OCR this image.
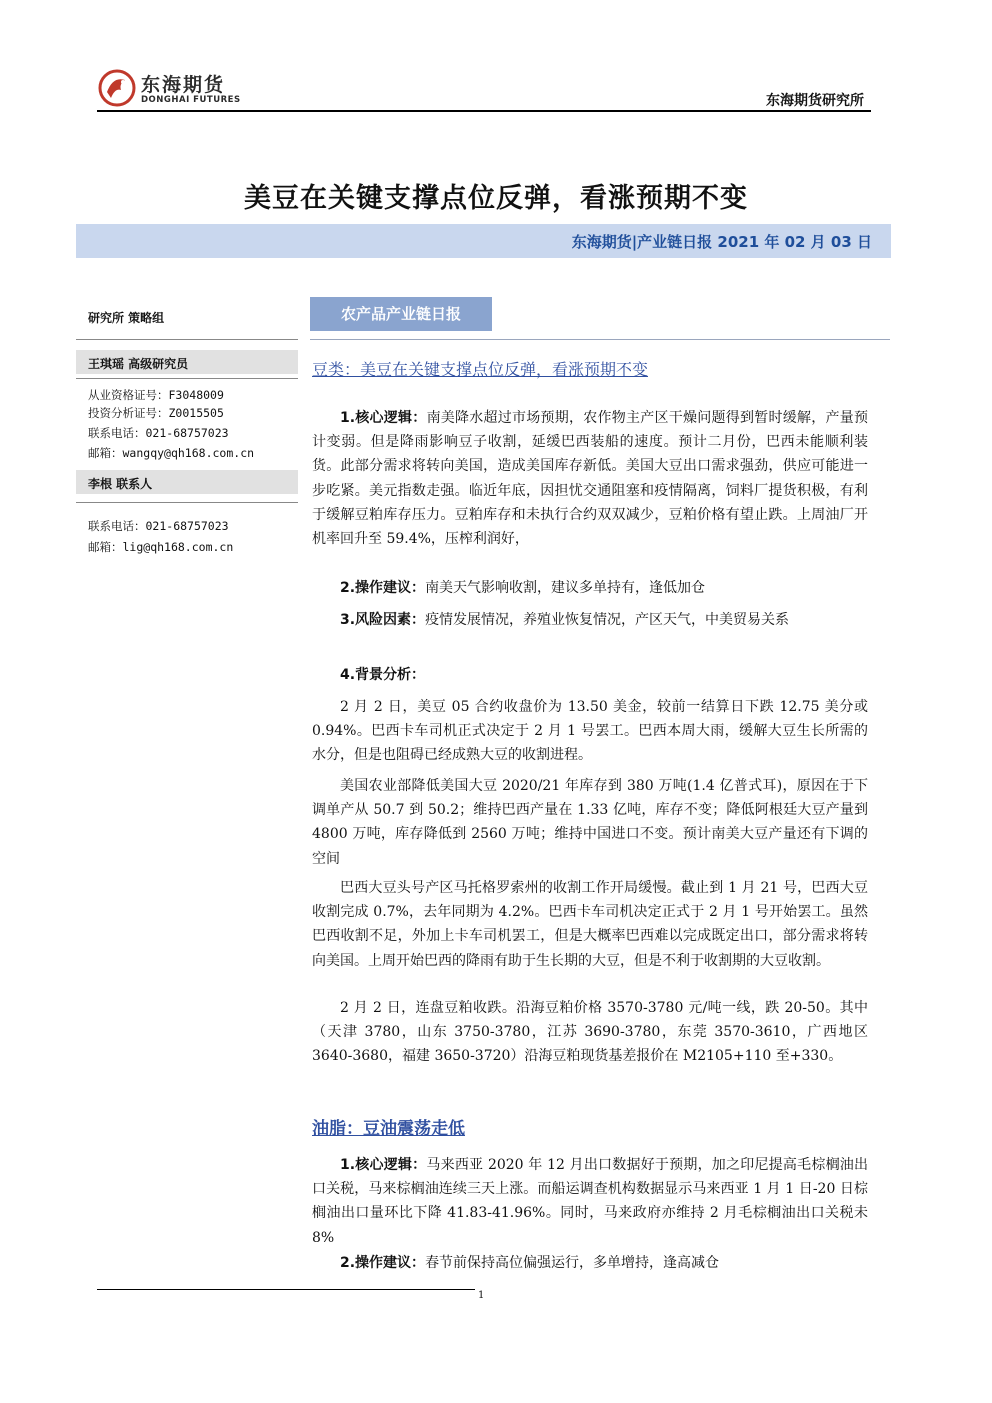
东海期货
DONGHAI FUTURES	东海期货研究所
美豆在关键支撑点位反弹，看涨预期不变
东海期货|产业链日报 2021 年 02 月 03 日
研究所 策略组
王琪瑶 高级研究员
从业资格证号：F3048009
投资分析证号：Z0015505
联系电话：021-68757023
邮箱：wangqy@qh168.com.cn
李根 联系人
联系电话：021-68757023
邮箱：lig@qh168.com.cn
农产品产业链日报
豆类：美豆在关键支撑点位反弹，看涨预期不变
1.核心逻辑：南美降水超过市场预期，农作物主产区干燥问题得到暂时缓解，产量预计变弱。但是降雨影响豆子收割，延缓巴西装船的速度。预计二月份，巴西未能顺利装货。此部分需求将转向美国，造成美国库存新低。美国大豆出口需求强劲，供应可能进一步吃紧。美元指数走强。临近年底，因担忧交通阻塞和疫情隔离，饲料厂提货积极，有利于缓解豆粕库存压力。豆粕库存和未执行合约双双减少，豆粕价格有望止跌。上周油厂开机率回升至 59.4%，压榨利润好，
2.操作建议：南美天气影响收割，建议多单持有，逢低加仓
3.风险因素：疫情发展情况，养殖业恢复情况，产区天气，中美贸易关系
4.背景分析：
2 月 2 日，美豆 05 合约收盘价为 13.50 美金，较前一结算日下跌 12.75 美分或 0.94%。巴西卡车司机正式决定于 2 月 1 号罢工。巴西本周大雨，缓解大豆生长所需的水分，但是也阻碍已经成熟大豆的收割进程。
美国农业部降低美国大豆 2020/21 年库存到 380 万吨(1.4 亿普式耳)，原因在于下调单产从 50.7 到 50.2；维持巴西产量在 1.33 亿吨，库存不变；降低阿根廷大豆产量到 4800 万吨，库存降低到 2560 万吨；维持中国进口不变。预计南美大豆产量还有下调的空间
巴西大豆头号产区马托格罗索州的收割工作开局缓慢。截止到 1 月 21 号，巴西大豆收割完成 0.7%，去年同期为 4.2%。巴西卡车司机决定正式于 2 月 1 号开始罢工。虽然巴西收割不足，外加上卡车司机罢工，但是大概率巴西难以完成既定出口，部分需求将转向美国。上周开始巴西的降雨有助于生长期的大豆，但是不利于收割期的大豆收割。
2 月 2 日，连盘豆粕收跌。沿海豆粕价格 3570-3780 元/吨一线，跌 20-50。其中（天津 3780，山东 3750-3780，江苏 3690-3780，东莞 3570-3610，广西地区 3640-3680，福建 3650-3720）沿海豆粕现货基差报价在 M2105+110 至+330。
油脂：豆油震荡走低
1.核心逻辑：马来西亚 2020 年 12 月出口数据好于预期，加之印尼提高毛棕榈油出口关税，马来棕榈油连续三天上涨。而船运调查机构数据显示马来西亚 1 月 1 日-20 日棕榈油出口量环比下降 41.83-41.96%。同时，马来政府亦维持 2 月毛棕榈油出口关税未 8%
2.操作建议：春节前保持高位偏强运行，多单增持，逢高减仓
1
